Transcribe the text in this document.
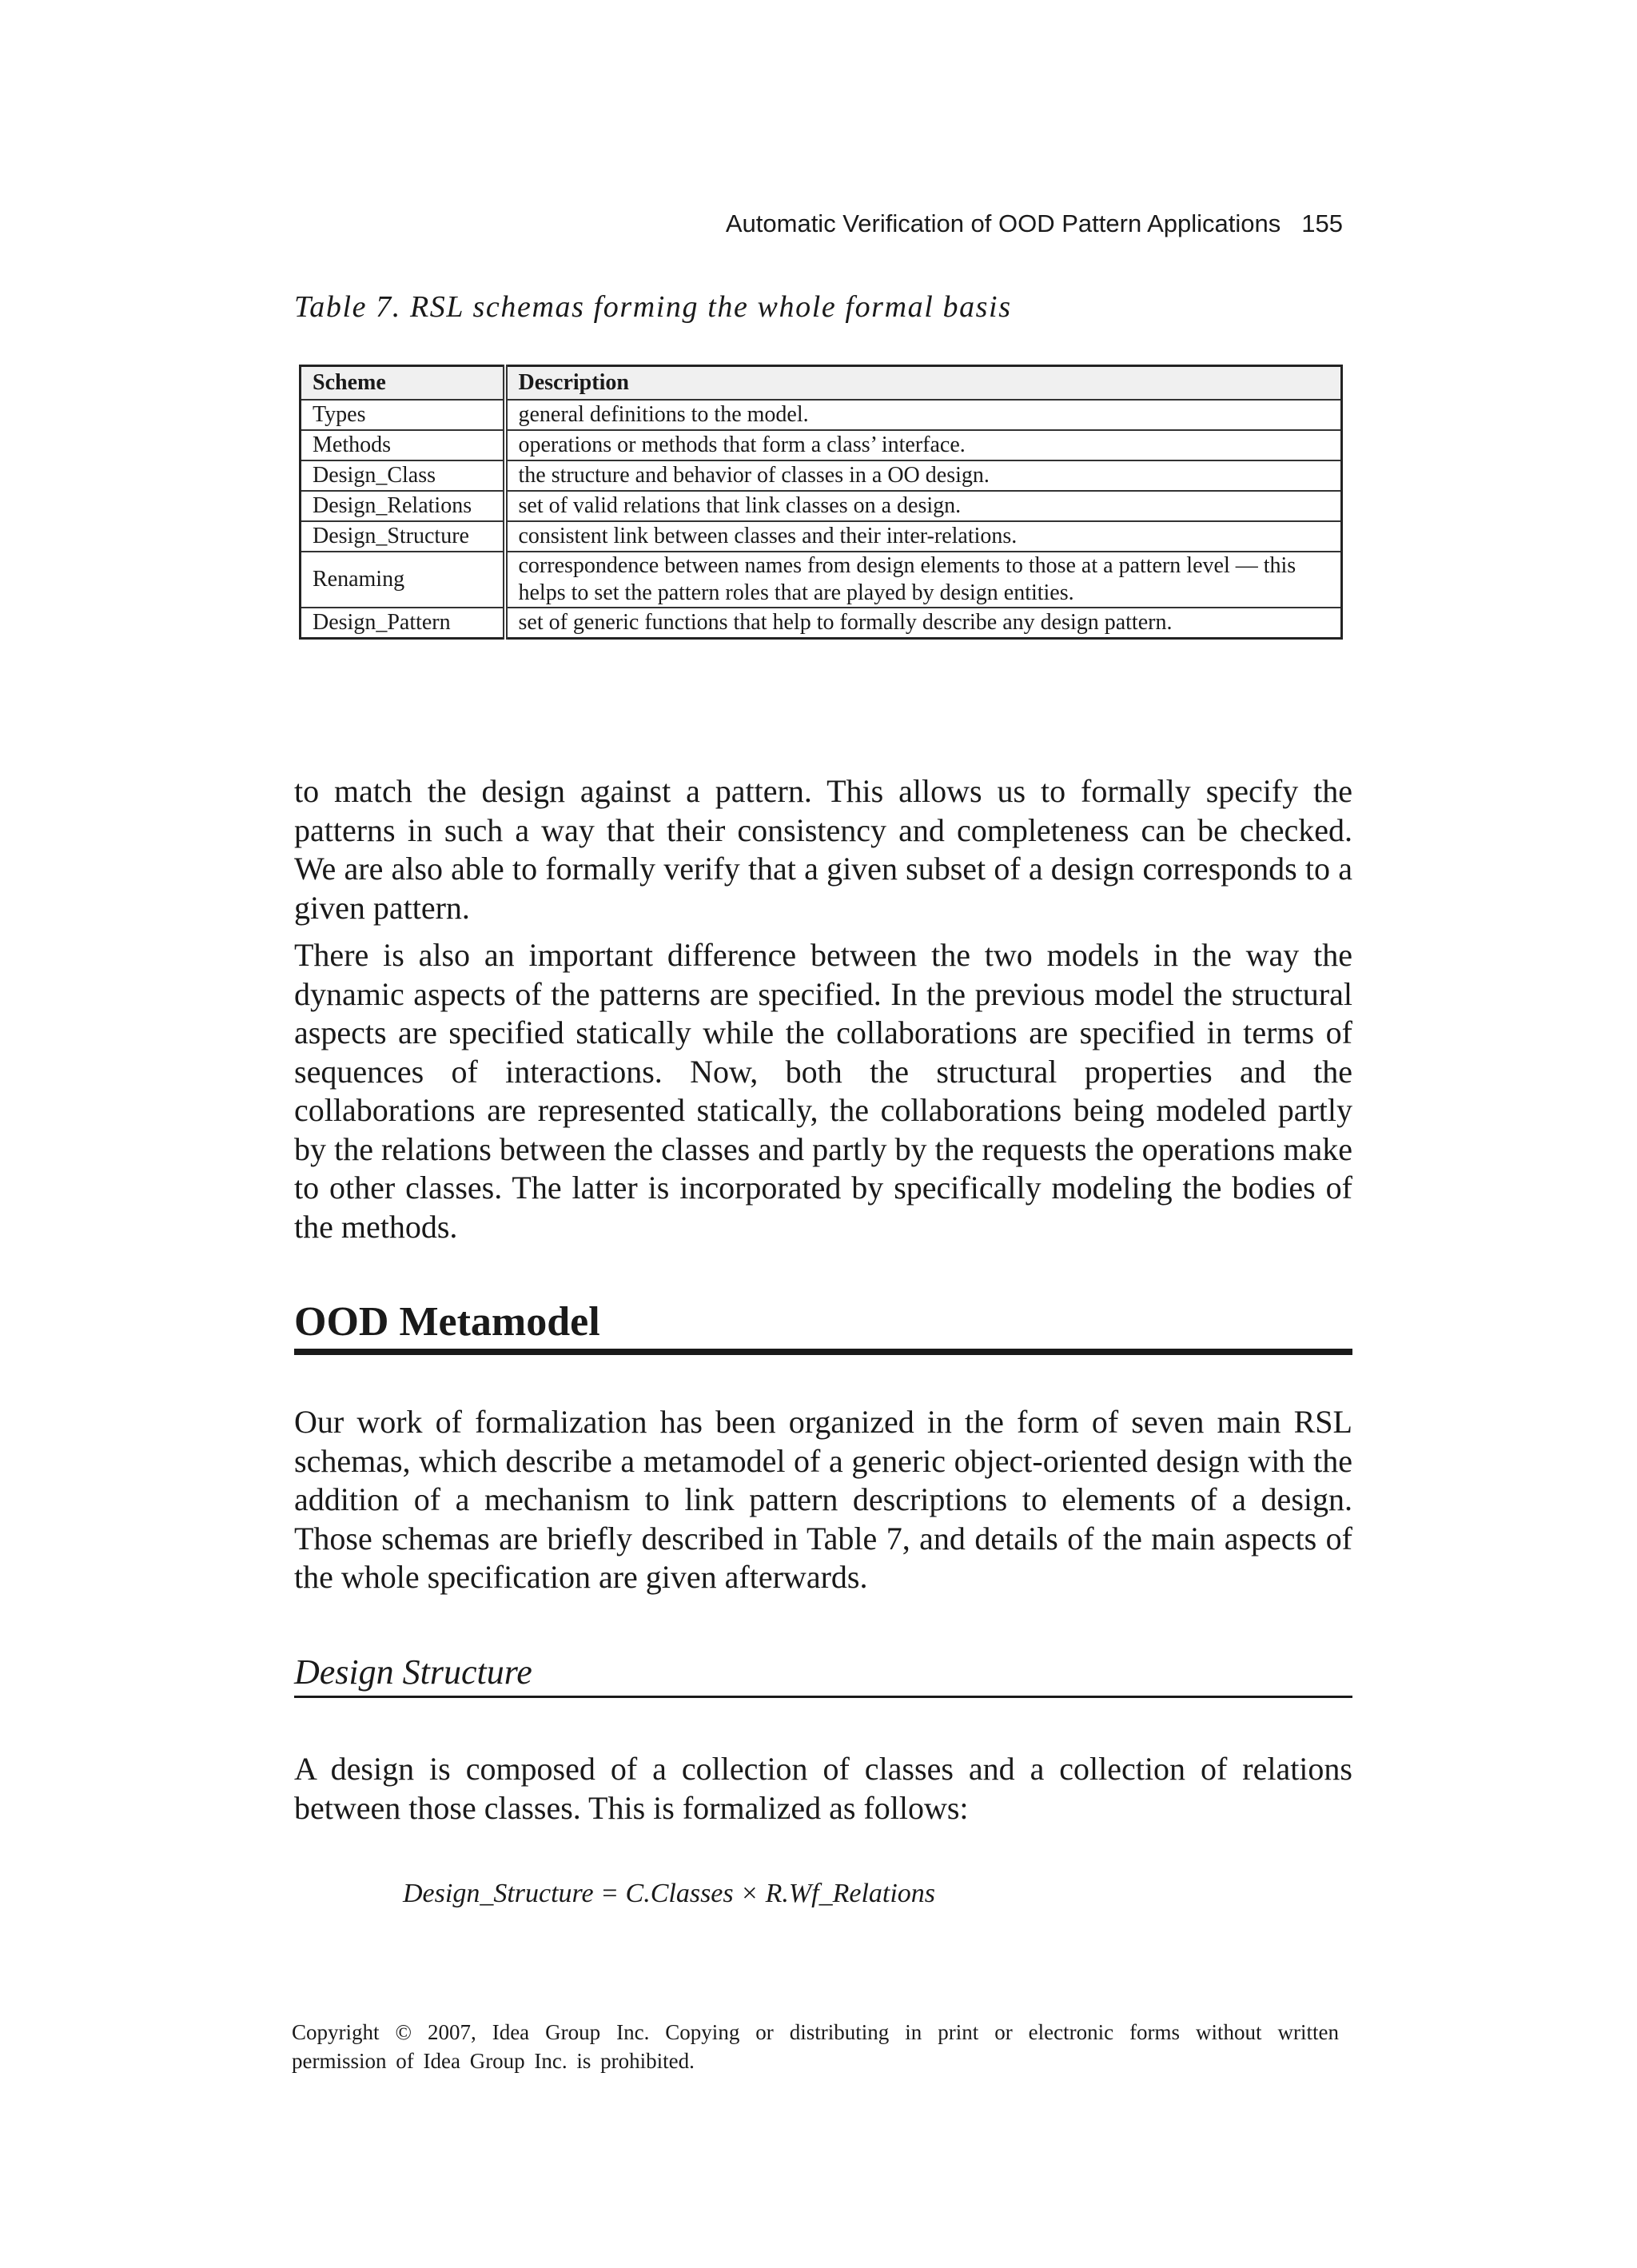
Automatic Verification of OOD Pattern Applications 155
Table 7. RSL schemas forming the whole formal basis
Scheme	Description
Types	general definitions to the model.
Methods	operations or methods that form a class’ interface.
Design_Class	the structure and behavior of classes in a OO design.
Design_Relations	set of valid relations that link classes on a design.
Design_Structure	consistent link between classes and their inter-relations.
Renaming	correspondence between names from design elements to those at a pattern level — this helps to set the pattern roles that are played by design entities.
Design_Pattern	set of generic functions that help to formally describe any design pattern.

to match the design against a pattern. This allows us to formally specify the patterns in such a way that their consistency and completeness can be checked. We are also able to formally verify that a given subset of a design corresponds to a given pattern.

There is also an important difference between the two models in the way the dynamic aspects of the patterns are specified. In the previous model the structural aspects are specified statically while the collaborations are specified in terms of sequences of interactions. Now, both the structural properties and the collaborations are represented statically, the collaborations being modeled partly by the relations between the classes and partly by the requests the operations make to other classes. The latter is incorporated by specifically modeling the bodies of the methods.

OOD Metamodel

Our work of formalization has been organized in the form of seven main RSL schemas, which describe a metamodel of a generic object-oriented design with the addition of a mechanism to link pattern descriptions to elements of a design. Those schemas are briefly described in Table 7, and details of the main aspects of the whole specification are given afterwards.

Design Structure

A design is composed of a collection of classes and a collection of relations between those classes. This is formalized as follows:

Design_Structure = C.Classes × R.Wf_Relations

Copyright © 2007, Idea Group Inc. Copying or distributing in print or electronic forms without written permission of Idea Group Inc. is prohibited.
